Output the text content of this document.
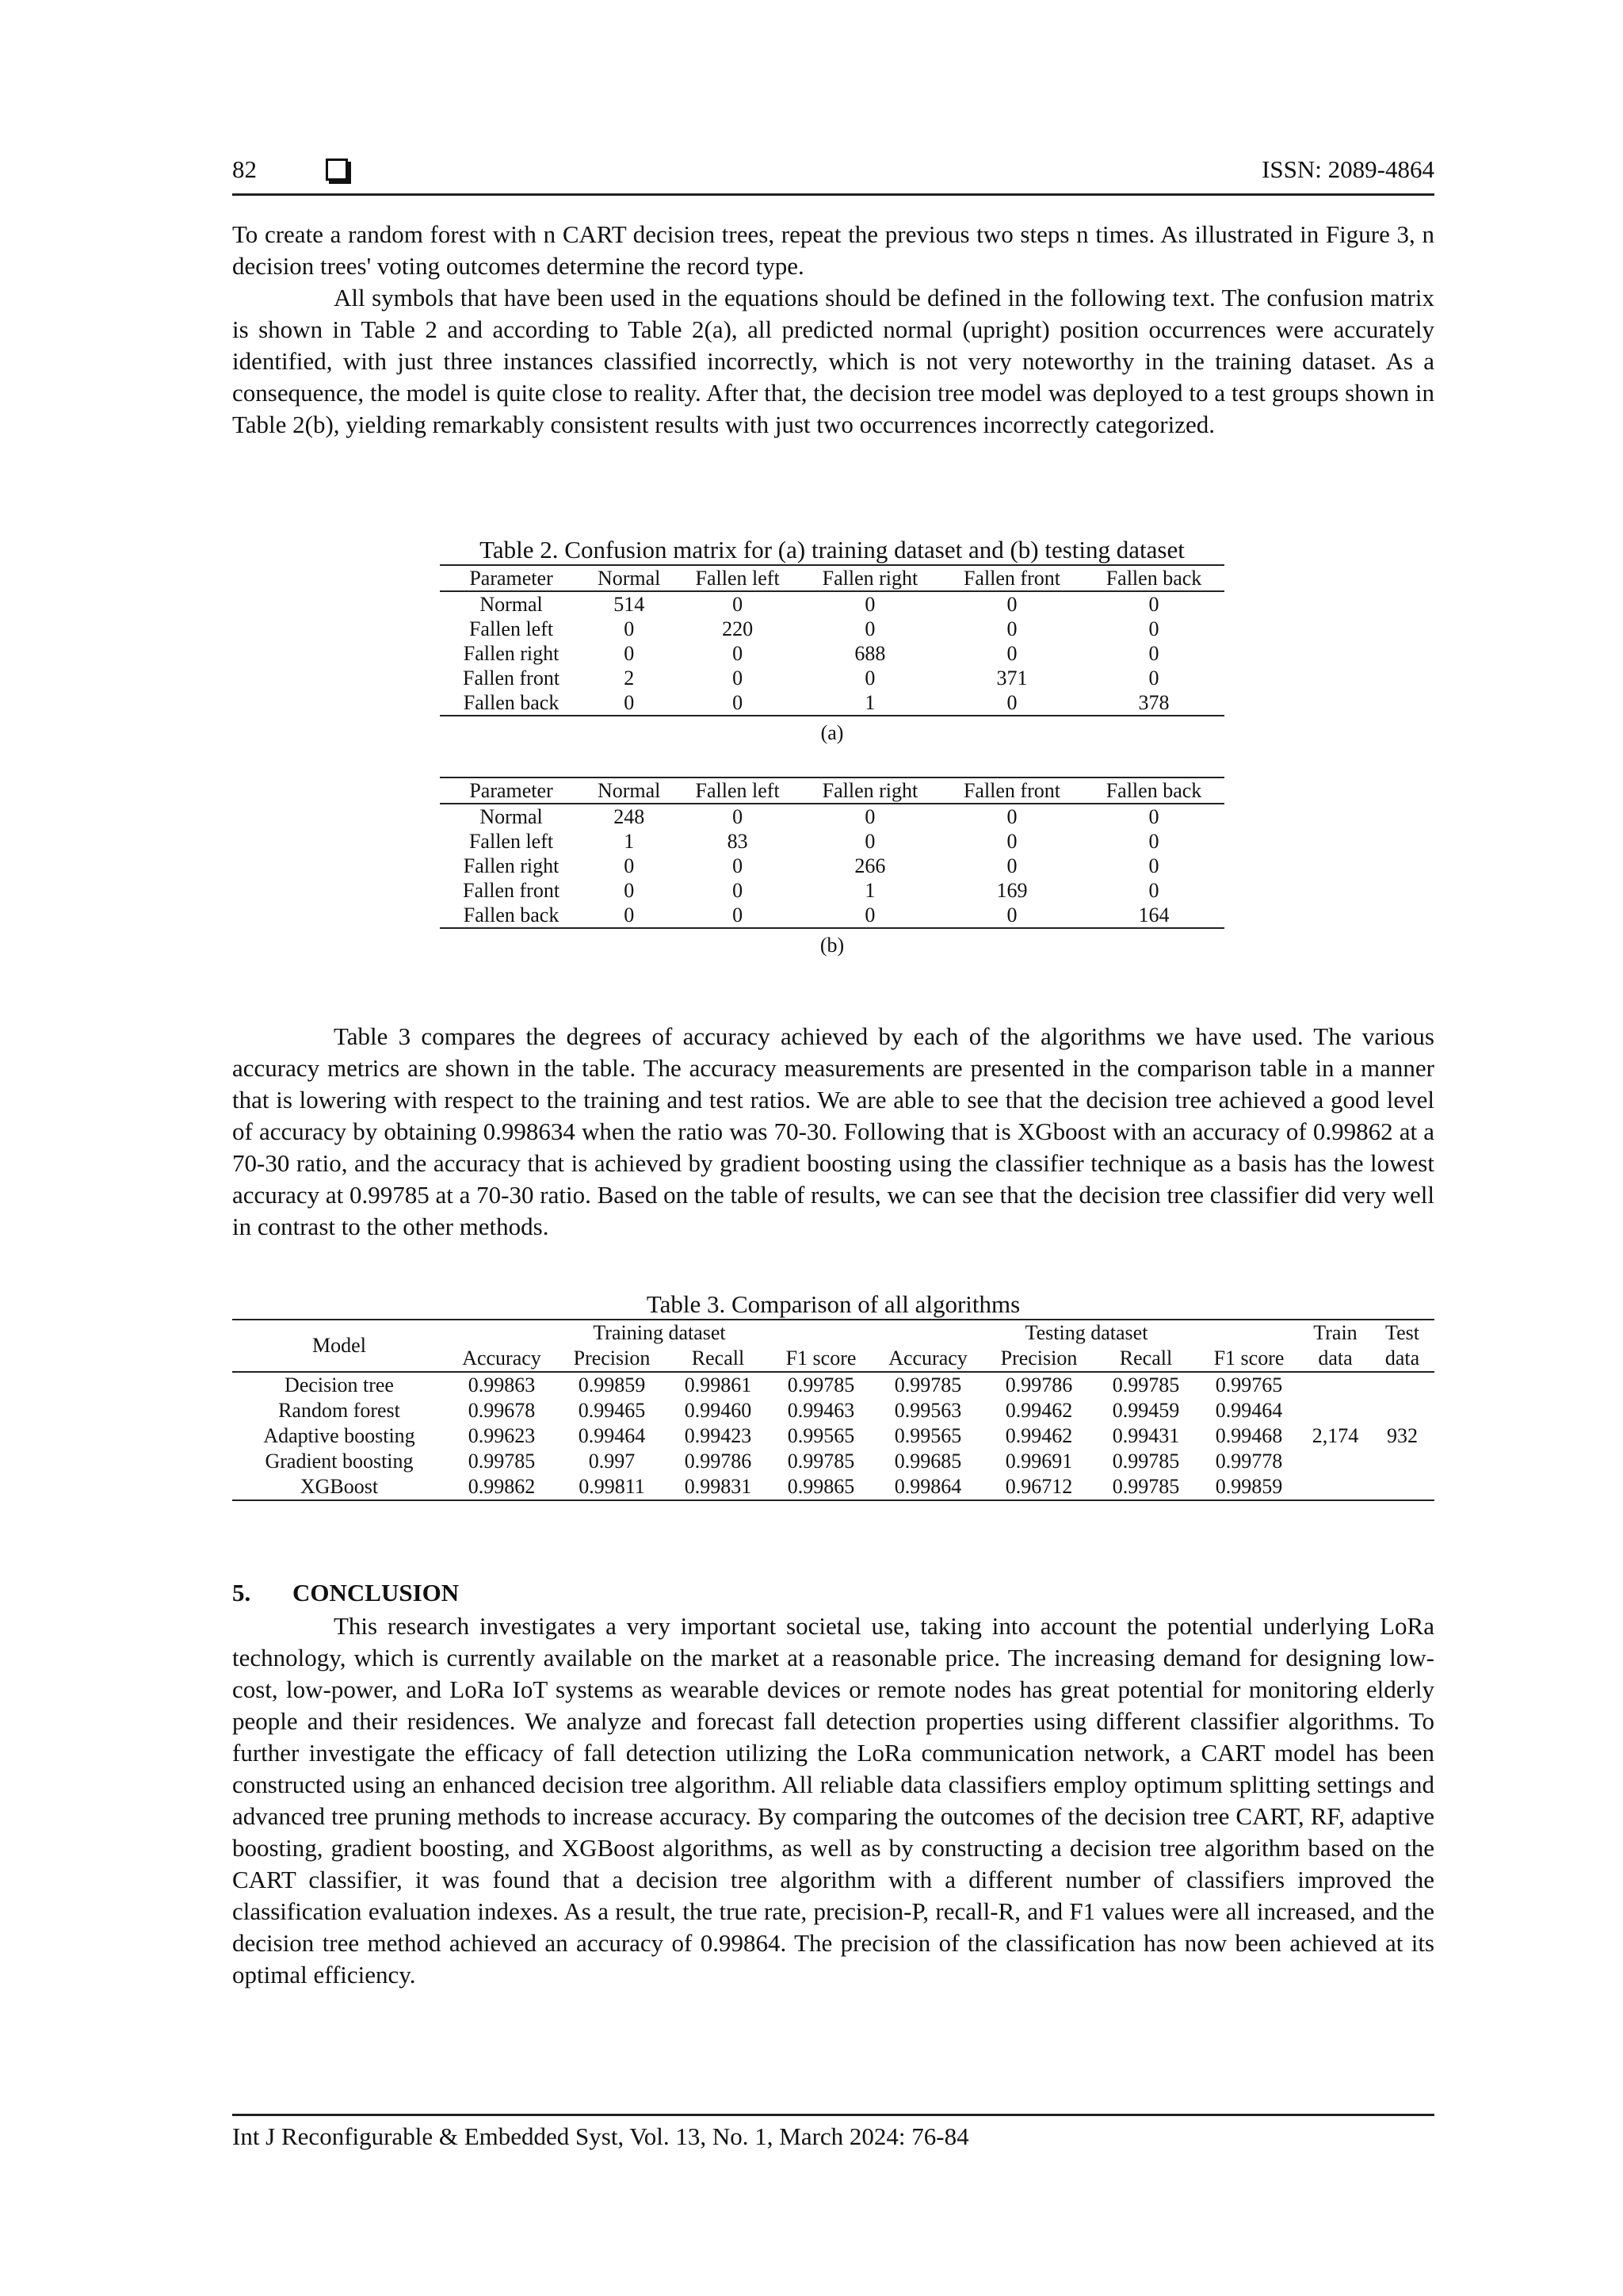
82	ISSN: 2089-4864

To create a random forest with n CART decision trees, repeat the previous two steps n times. As illustrated in Figure 3, n decision trees' voting outcomes determine the record type.

All symbols that have been used in the equations should be defined in the following text. The confusion matrix is shown in Table 2 and according to Table 2(a), all predicted normal (upright) position occurrences were accurately identified, with just three instances classified incorrectly, which is not very noteworthy in the training dataset. As a consequence, the model is quite close to reality. After that, the decision tree model was deployed to a test groups shown in Table 2(b), yielding remarkably consistent results with just two occurrences incorrectly categorized.

Table 2. Confusion matrix for (a) training dataset and (b) testing dataset
Parameter	Normal	Fallen left	Fallen right	Fallen front	Fallen back
Normal	514	0	0	0	0
Fallen left	0	220	0	0	0
Fallen right	0	0	688	0	0
Fallen front	2	0	0	371	0
Fallen back	0	0	1	0	378
(a)
Parameter	Normal	Fallen left	Fallen right	Fallen front	Fallen back
Normal	248	0	0	0	0
Fallen left	1	83	0	0	0
Fallen right	0	0	266	0	0
Fallen front	0	0	1	169	0
Fallen back	0	0	0	0	164
(b)

Table 3 compares the degrees of accuracy achieved by each of the algorithms we have used. The various accuracy metrics are shown in the table. The accuracy measurements are presented in the comparison table in a manner that is lowering with respect to the training and test ratios. We are able to see that the decision tree achieved a good level of accuracy by obtaining 0.998634 when the ratio was 70-30. Following that is XGboost with an accuracy of 0.99862 at a 70-30 ratio, and the accuracy that is achieved by gradient boosting using the classifier technique as a basis has the lowest accuracy at 0.99785 at a 70-30 ratio. Based on the table of results, we can see that the decision tree classifier did very well in contrast to the other methods.

Table 3. Comparison of all algorithms
Model	Training dataset				Testing dataset				Train data	Test data
	Accuracy	Precision	Recall	F1 score	Accuracy	Precision	Recall	F1 score		
Decision tree	0.99863	0.99859	0.99861	0.99785	0.99785	0.99786	0.99785	0.99765	2,174	932
Random forest	0.99678	0.99465	0.99460	0.99463	0.99563	0.99462	0.99459	0.99464		
Adaptive boosting	0.99623	0.99464	0.99423	0.99565	0.99565	0.99462	0.99431	0.99468		
Gradient boosting	0.99785	0.997	0.99786	0.99785	0.99685	0.99691	0.99785	0.99778		
XGBoost	0.99862	0.99811	0.99831	0.99865	0.99864	0.96712	0.99785	0.99859		
5. CONCLUSION

This research investigates a very important societal use, taking into account the potential underlying LoRa technology, which is currently available on the market at a reasonable price. The increasing demand for designing low-cost, low-power, and LoRa IoT systems as wearable devices or remote nodes has great potential for monitoring elderly people and their residences. We analyze and forecast fall detection properties using different classifier algorithms. To further investigate the efficacy of fall detection utilizing the LoRa communication network, a CART model has been constructed using an enhanced decision tree algorithm. All reliable data classifiers employ optimum splitting settings and advanced tree pruning methods to increase accuracy. By comparing the outcomes of the decision tree CART, RF, adaptive boosting, gradient boosting, and XGBoost algorithms, as well as by constructing a decision tree algorithm based on the CART classifier, it was found that a decision tree algorithm with a different number of classifiers improved the classification evaluation indexes. As a result, the true rate, precision-P, recall-R, and F1 values were all increased, and the decision tree method achieved an accuracy of 0.99864. The precision of the classification has now been achieved at its optimal efficiency.

Int J Reconfigurable & Embedded Syst, Vol. 13, No. 1, March 2024: 76-84
